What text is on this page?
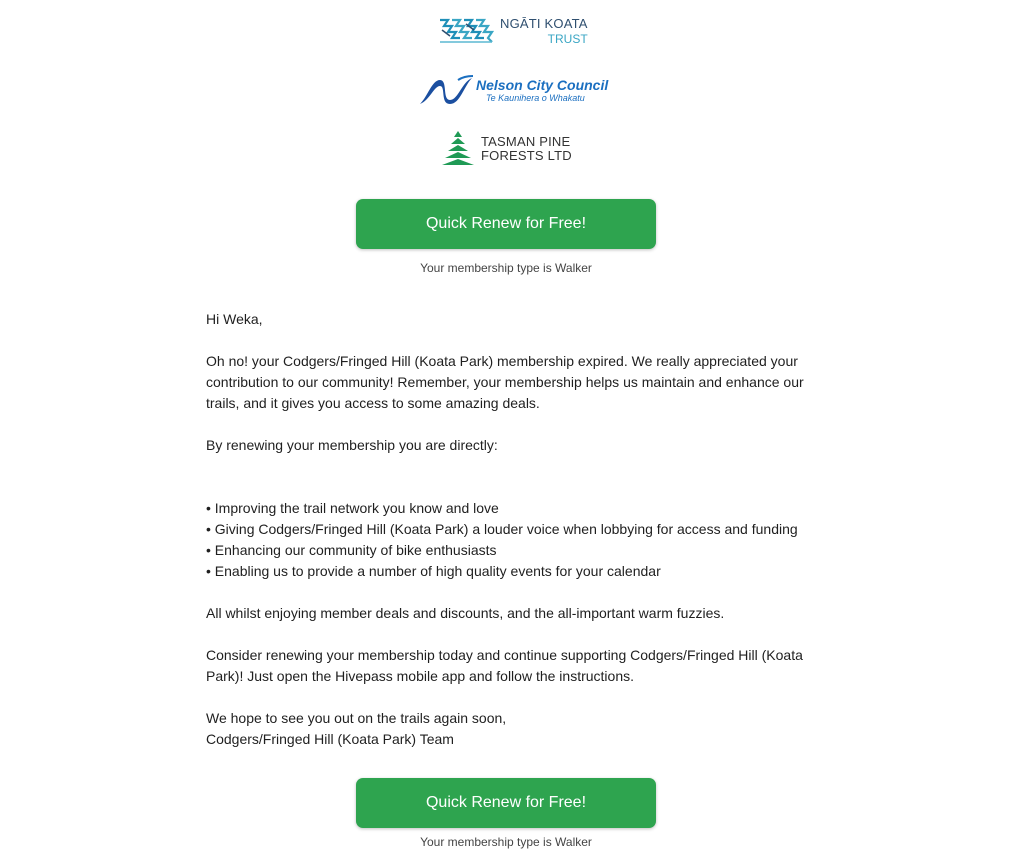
NGĀTI KOATA
TRUST
Nelson City Council
Te Kaunihera o Whakatu
TASMAN PINE
FORESTS LTD
Quick Renew for Free!
Your membership type is Walker

Hi Weka,

Oh no! your Codgers/Fringed Hill (Koata Park) membership expired. We really appreciated your contribution to our community! Remember, your membership helps us maintain and enhance our trails, and it gives you access to some amazing deals.

By renewing your membership you are directly:

• Improving the trail network you know and love
• Giving Codgers/Fringed Hill (Koata Park) a louder voice when lobbying for access and funding
• Enhancing our community of bike enthusiasts
• Enabling us to provide a number of high quality events for your calendar

All whilst enjoying member deals and discounts, and the all-important warm fuzzies.

Consider renewing your membership today and continue supporting Codgers/Fringed Hill (Koata Park)! Just open the Hivepass mobile app and follow the instructions.

We hope to see you out on the trails again soon,

Codgers/Fringed Hill (Koata Park) Team

Quick Renew for Free!
Your membership type is Walker
